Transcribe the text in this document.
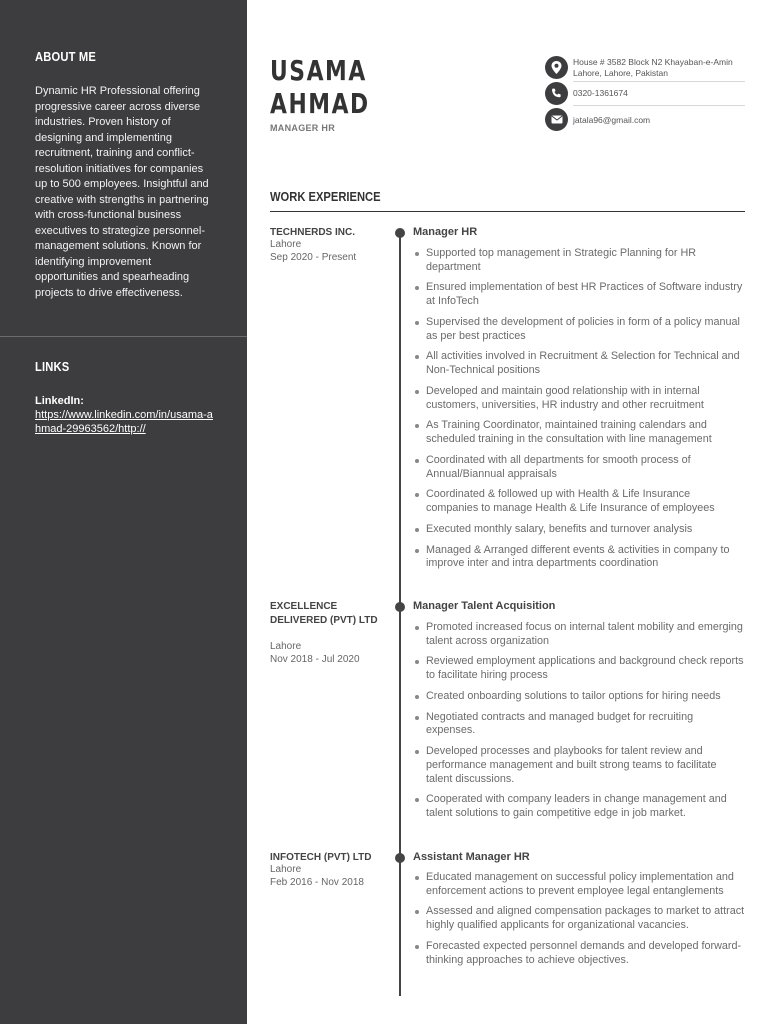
ABOUT ME
Dynamic HR Professional offering progressive career across diverse industries. Proven history of designing and implementing recruitment, training and conflict-resolution initiatives for companies up to 500 employees. Insightful and creative with strengths in partnering with cross-functional business executives to strategize personnel-management solutions. Known for identifying improvement opportunities and spearheading projects to drive effectiveness.
LINKS
LinkedIn:
https://www.linkedin.com/in/usama-ahmad-29963562/http://
USAMA
AHMAD
MANAGER HR
House # 3582 Block N2 Khayaban-e-Amin Lahore, Lahore, Pakistan
0320-1361674
jatala96@gmail.com
WORK EXPERIENCE
TECHNERDS INC.
Lahore
Sep 2020 - Present
Manager HR
Supported top management in Strategic Planning for HR department
Ensured implementation of best HR Practices of Software industry at InfoTech
Supervised the development of policies in form of a policy manual as per best practices
All activities involved in Recruitment & Selection for Technical and Non-Technical positions
Developed and maintain good relationship with in internal customers, universities, HR industry and other recruitment
As Training Coordinator, maintained training calendars and scheduled training in the consultation with line management
Coordinated with all departments for smooth process of Annual/Biannual appraisals
Coordinated & followed up with Health & Life Insurance companies to manage Health & Life Insurance of employees
Executed monthly salary, benefits and turnover analysis
Managed & Arranged different events & activities in company to improve inter and intra departments coordination
EXCELLENCE DELIVERED (PVT) LTD
Lahore
Nov 2018 - Jul 2020
Manager Talent Acquisition
Promoted increased focus on internal talent mobility and emerging talent across organization
Reviewed employment applications and background check reports to facilitate hiring process
Created onboarding solutions to tailor options for hiring needs
Negotiated contracts and managed budget for recruiting expenses.
Developed processes and playbooks for talent review and performance management and built strong teams to facilitate talent discussions.
Cooperated with company leaders in change management and talent solutions to gain competitive edge in job market.
INFOTECH (PVT) LTD
Lahore
Feb 2016 - Nov 2018
Assistant Manager HR
Educated management on successful policy implementation and enforcement actions to prevent employee legal entanglements
Assessed and aligned compensation packages to market to attract highly qualified applicants for organizational vacancies.
Forecasted expected personnel demands and developed forward-thinking approaches to achieve objectives.
